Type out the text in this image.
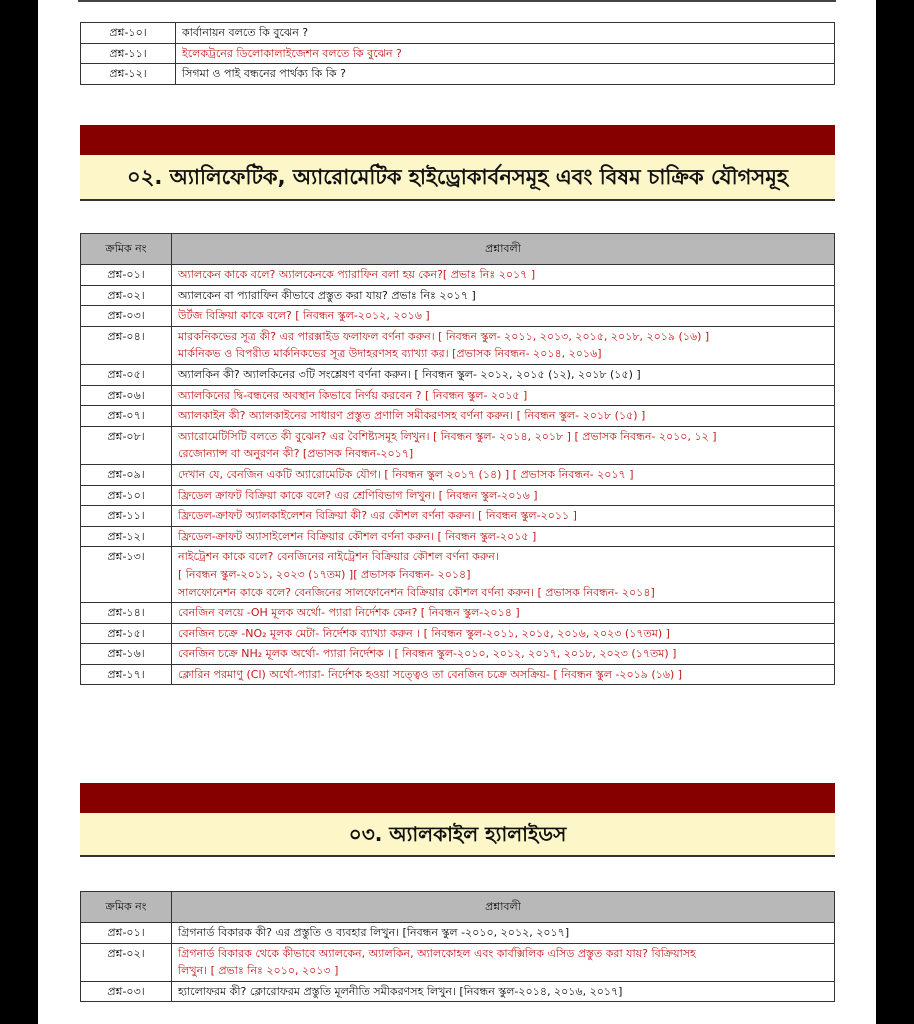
প্রশ্ন-১০।	কার্বানায়ন বলতে কি বুঝেন ?

প্রশ্ন-১১।	ইলেকট্রনের ডিলোকালাইজেশন বলতে কি বুঝেন ?

প্রশ্ন-১২।	সিগমা ও পাই বন্ধনের পার্থক্য কি কি ?
০২. অ্যালিফেটিক, অ্যারোমেটিক হাইড্রোকার্বনসমূহ এবং বিষম চাক্রিক যৌগসমূহ
ক্রমিক নং	প্রশ্নাবলী
প্রশ্ন-০১।	অ্যালকেন কাকে বলে? অ্যালকেনকে প্যারাফিন বলা হয় কেন?[ প্রভাঃ নিঃ ২০১৭ ]

প্রশ্ন-০২।	অ্যালকেন বা প্যারাফিন কীভাবে প্রস্তুত করা যায়? প্রভাঃ নিঃ ২০১৭ ]

প্রশ্ন-০৩।	উর্টজ বিক্রিয়া কাকে বলে? [ নিবন্ধন স্কুল-২০১২, ২০১৬ ]

প্রশ্ন-০৪।	মারকনিকভের সূত্র কী? এর পারক্সাইড ফলাফল বর্ণনা করুন। [ নিবন্ধন স্কুল- ২০১১, ২০১৩, ২০১৫, ২০১৮, ২০১৯ (১৬) ]
মার্কনিকভ ও বিপরীত মার্কনিকভের সূত্র উদাহরণসহ ব্যাখ্যা কর। [প্রভাসক নিবন্ধন- ২০১৪, ২০১৬]

প্রশ্ন-০৫।	অ্যালকিন কী? অ্যালকিনের ৩টি সংশ্লেষণ বর্ণনা করুন। [ নিবন্ধন স্কুল- ২০১২, ২০১৫ (১২), ২০১৮ (১৫) ]

প্রশ্ন-০৬।	অ্যালকিনের দ্বি-বন্ধনের অবস্থান কিভাবে নির্ণয় করবেন ? [ নিবন্ধন স্কুল- ২০১৫ ]

প্রশ্ন-০৭।	অ্যালকাইন কী? অ্যালকাইনের সাধারণ প্রস্তুত প্রণালি সমীকরণসহ বর্ণনা করুন। [ নিবন্ধন স্কুল- ২০১৮ (১৫) ]

প্রশ্ন-০৮।	অ্যারোমেটিসিটি বলতে কী বুঝেন? এর বৈশিষ্ট্যসমূহ লিখুন। [ নিবন্ধন স্কুল- ২০১৪, ২০১৮ ] [ প্রভাসক নিবন্ধন- ২০১০, ১২ ]
রেজোন্যান্স বা অনুরণন কী? [প্রভাসক নিবন্ধন-২০১৭]

প্রশ্ন-০৯।	দেখান যে, বেনজিন একটি অ্যারোমেটিক যৌগ। [ নিবন্ধন স্কুল ২০১৭ (১৪) ] [ প্রভাসক নিবন্ধন- ২০১৭ ]

প্রশ্ন-১০।	ফ্রিডেল ক্রাফট বিক্রিয়া কাকে বলে? এর শ্রেণিবিভাগ লিখুন। [ নিবন্ধন স্কুল-২০১৬ ]

প্রশ্ন-১১।	ফ্রিডেল-ক্রাফট অ্যালকাইলেশন বিক্রিয়া কী? এর কৌশল বর্ণনা করুন। [ নিবন্ধন স্কুল-২০১১ ]

প্রশ্ন-১২।	ফ্রিডেল-ক্রাফট অ্যাসাইলেশন বিক্রিয়ার কৌশল বর্ণনা করুন। [ নিবন্ধন স্কুল-২০১৫ ]

প্রশ্ন-১৩।	নাইট্রেশন কাকে বলে? বেনজিনের নাইট্রেশন বিক্রিয়ার কৌশল বর্ণনা করুন।
[ নিবন্ধন স্কুল-২০১১, ২০২৩ (১৭তম) ][ প্রভাসক নিবন্ধন- ২০১৪]
সালফোনেশন কাকে বলে? বেনজিনের সালফোনেশন বিক্রিয়ার কৌশল বর্ণনা করুন। [ প্রভাসক নিবন্ধন- ২০১৪]

প্রশ্ন-১৪।	বেনজিন বলয়ে -OH মূলক অর্থো- প্যারা নির্দেশক কেন? [ নিবন্ধন স্কুল-২০১৪ ]

প্রশ্ন-১৫।	বেনজিন চক্রে -NO₂ মূলক মেটা- নির্দেশক ব্যাখ্যা করুন । [ নিবন্ধন স্কুল-২০১১, ২০১৫, ২০১৬, ২০২৩ (১৭তম) ]

প্রশ্ন-১৬।	বেনজিন চক্রে NH₂ মূলক অর্থো- প্যারা নির্দেশক । [ নিবন্ধন স্কুল-২০১০, ২০১২, ২০১৭, ২০১৮, ২০২৩ (১৭তম) ]

প্রশ্ন-১৭।	ক্লোরিন পরমাণু (Cl) অর্থো-প্যারা- নির্দেশক হওয়া সত্ত্বেও তা বেনজিন চক্রে অসক্রিয়- [ নিবন্ধন স্কুল -২০১৯ (১৬) ]
০৩. অ্যালকাইল হ্যালাইডস
ক্রমিক নং	প্রশ্নাবলী
প্রশ্ন-০১।	গ্রিগনার্ড বিকারক কী? এর প্রস্তুতি ও ব্যবহার লিখুন। [নিবন্ধন স্কুল -২০১০, ২০১২, ২০১৭]

প্রশ্ন-০২।	গ্রিগনার্ড বিকারক থেকে কীভাবে অ্যালকেন, অ্যালকিন, অ্যালকোহল এবং কার্বক্সিলিক এসিড প্রস্তুত করা যায়? বিক্রিয়াসহ
লিখুন। [ প্রভাঃ নিঃ ২০১০, ২০১৩ ]

প্রশ্ন-০৩।	হ্যালোফরম কী? ক্লোরোফরম প্রস্তুতি মূলনীতি সমীকরণসহ লিখুন। [নিবন্ধন স্কুল-২০১৪, ২০১৬, ২০১৭]
